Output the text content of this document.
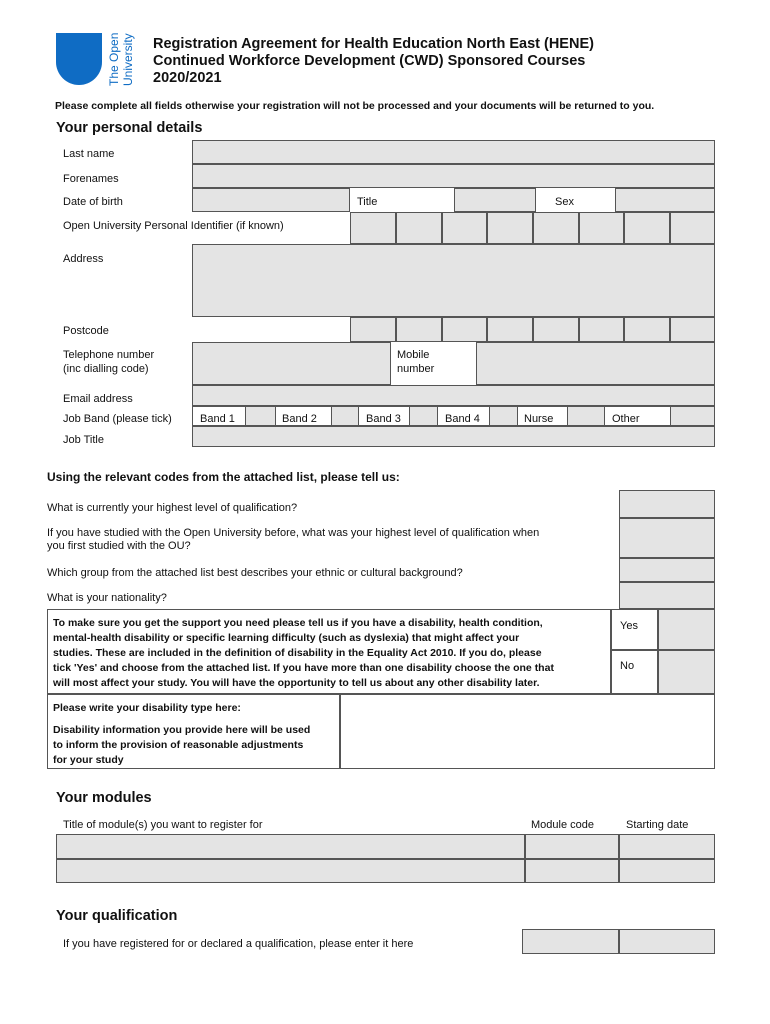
The Open University Registration Agreement for Health Education North East (HENE)
Continued Workforce Development (CWD) Sponsored Courses
2020/2021
Please complete all fields otherwise your registration will not be processed and your documents will be returned to you.
Your personal details
Last name
Forenames
Date of birth	Title	Sex
Open University Personal Identifier (if known)
Address
Postcode
Telephone number
(inc dialling code)
Mobile
number
Email address
Job Band (please tick)	Band 1	Band 2	Band 3	Band 4	Nurse	Other
Job Title
Using the relevant codes from the attached list, please tell us:
What is currently your highest level of qualification?
If you have studied with the Open University before, what was your highest level of qualification when
you first studied with the OU?
Which group from the attached list best describes your ethnic or cultural background?
What is your nationality?
To make sure you get the support you need please tell us if you have a disability, health condition,
mental-health disability or specific learning difficulty (such as dyslexia) that might affect your
studies. These are included in the definition of disability in the Equality Act 2010. If you do, please
tick 'Yes' and choose from the attached list. If you have more than one disability choose the one that
will most affect your study. You will have the opportunity to tell us about any other disability later.
Yes
No
Please write your disability type here:
Disability information you provide here will be used
to inform the provision of reasonable adjustments
for your study
Your modules
Title of module(s) you want to register for	Module code	Starting date
Your qualification
If you have registered for or declared a qualification, please enter it here
